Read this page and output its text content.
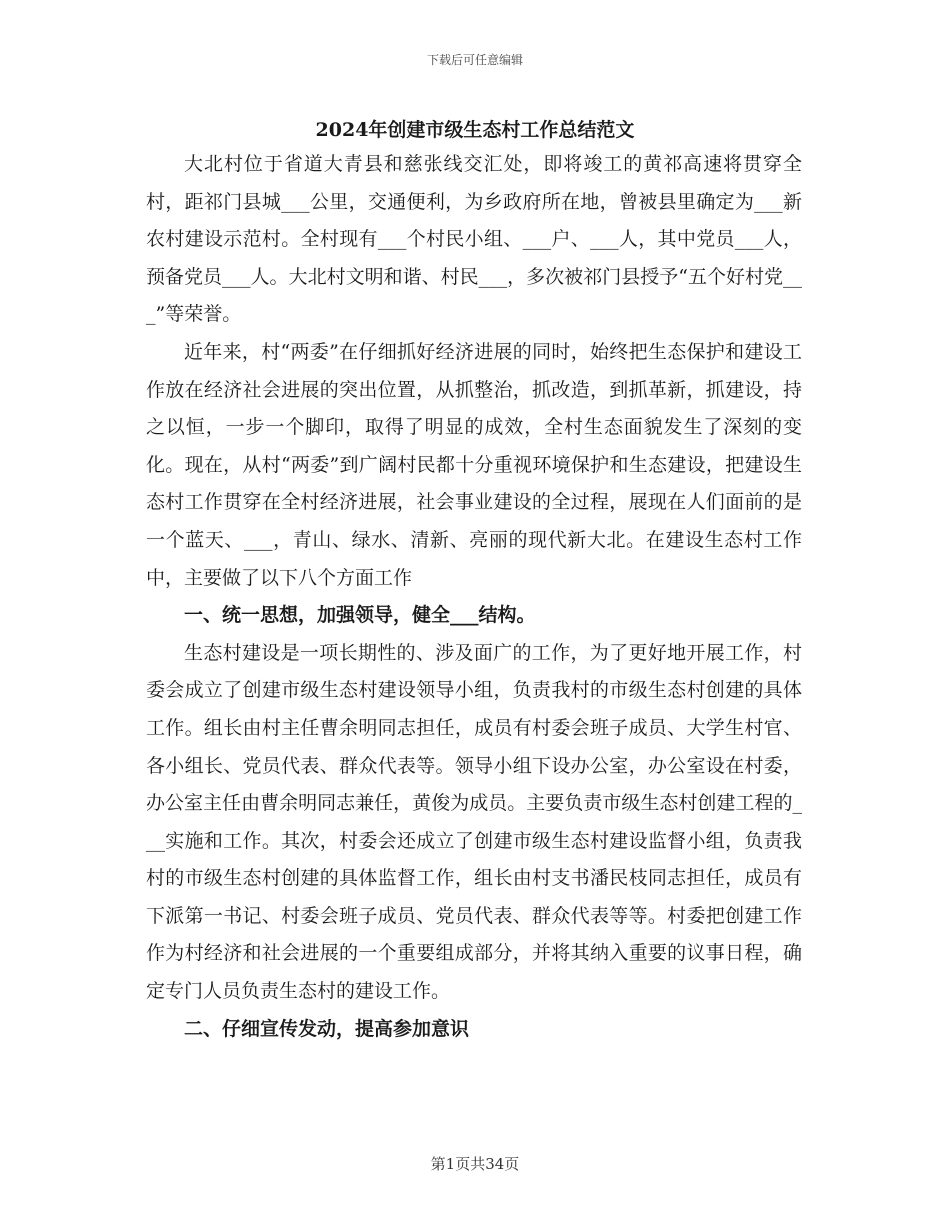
下载后可任意编辑
2024年创建市级生态村工作总结范文

大北村位于省道大青县和慈张线交汇处，即将竣工的黄祁高速将贯穿全村，距祁门县城___公里，交通便利，为乡政府所在地，曾被县里确定为___新农村建设示范村。全村现有___个村民小组、___户、___人，其中党员___人，预备党员___人。大北村文明和谐、村民___，多次被祁门县授予“五个好村党___”等荣誉。

近年来，村“两委”在仔细抓好经济进展的同时，始终把生态保护和建设工作放在经济社会进展的突出位置，从抓整治，抓改造，到抓革新，抓建设，持之以恒，一步一个脚印，取得了明显的成效，全村生态面貌发生了深刻的变化。现在，从村“两委”到广阔村民都十分重视环境保护和生态建设，把建设生态村工作贯穿在全村经济进展，社会事业建设的全过程，展现在人们面前的是一个蓝天、___，青山、绿水、清新、亮丽的现代新大北。在建设生态村工作中，主要做了以下八个方面工作

一、统一思想，加强领导，健全___结构。

生态村建设是一项长期性的、涉及面广的工作，为了更好地开展工作，村委会成立了创建市级生态村建设领导小组，负责我村的市级生态村创建的具体工作。组长由村主任曹余明同志担任，成员有村委会班子成员、大学生村官、各小组长、党员代表、群众代表等。领导小组下设办公室，办公室设在村委，办公室主任由曹余明同志兼任，黄俊为成员。主要负责市级生态村创建工程的___实施和工作。其次，村委会还成立了创建市级生态村建设监督小组，负责我村的市级生态村创建的具体监督工作，组长由村支书潘民枝同志担任，成员有下派第一书记、村委会班子成员、党员代表、群众代表等等。村委把创建工作作为村经济和社会进展的一个重要组成部分，并将其纳入重要的议事日程，确定专门人员负责生态村的建设工作。

二、仔细宣传发动，提高参加意识

第1页共34页
